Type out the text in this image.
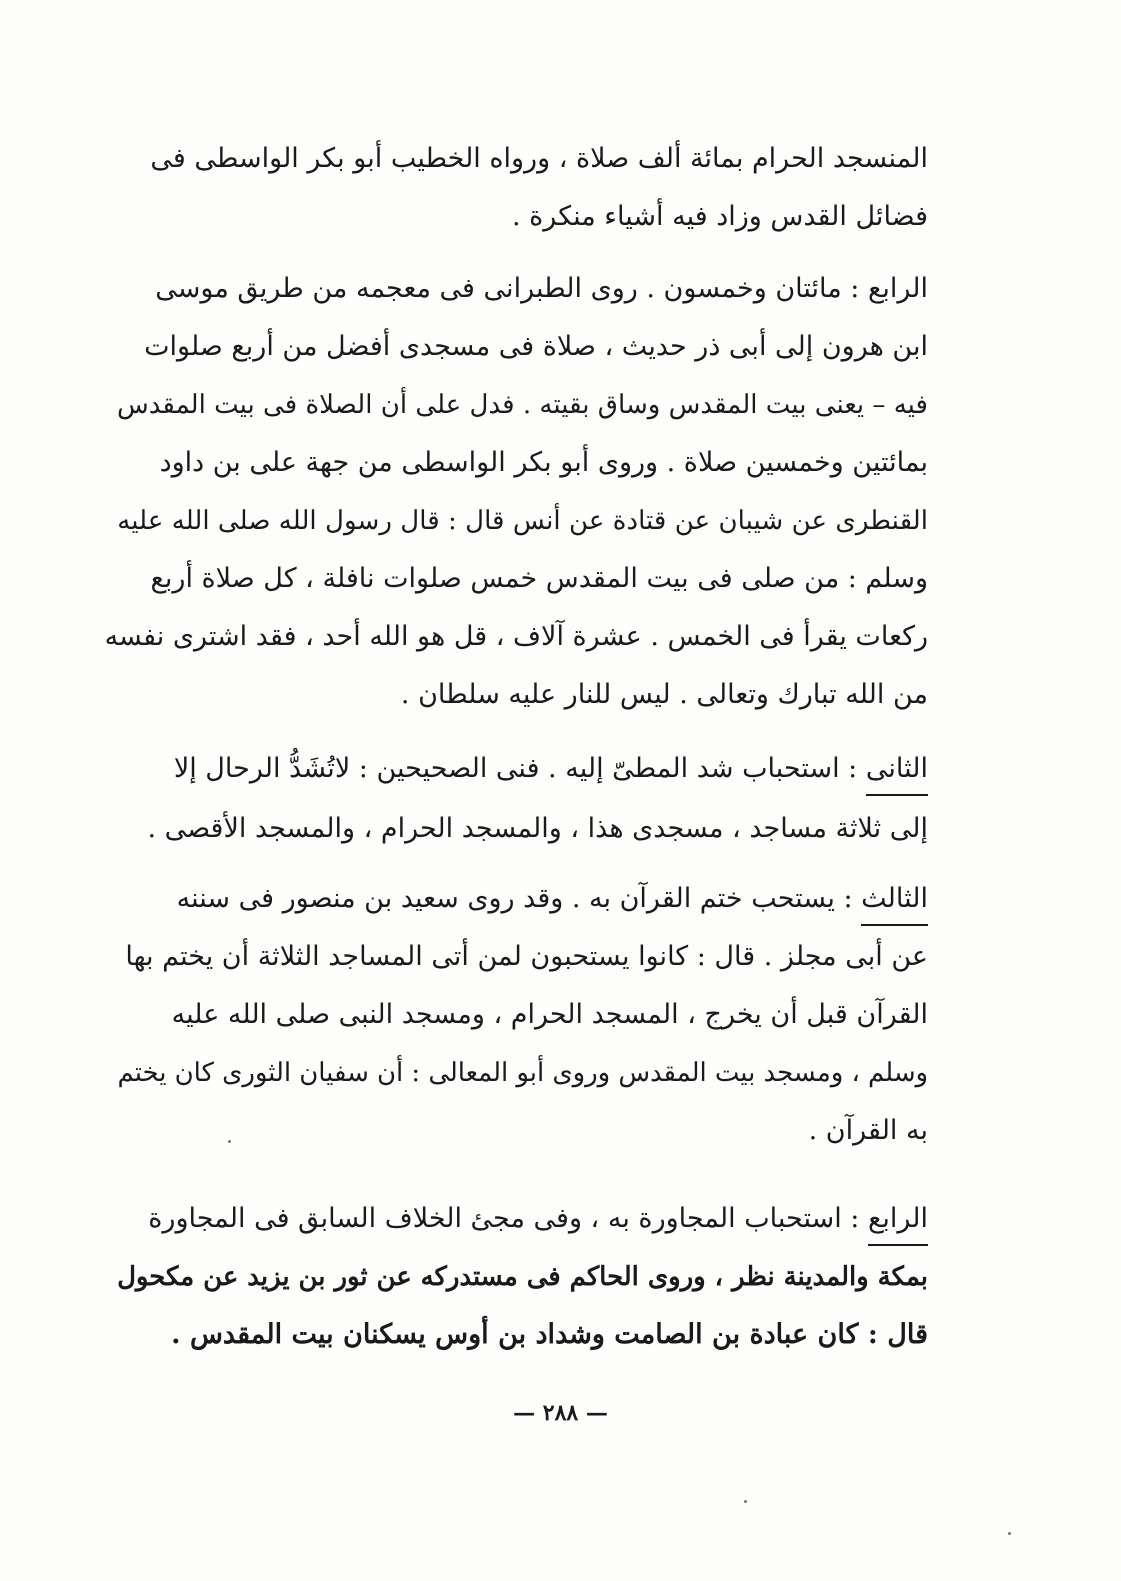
المنسجد الحرام بمائة ألف صلاة ، ورواه الخطيب أبو بكر الواسطى فى
فضائل القدس وزاد فيه أشياء منكرة .
الرابع : مائتان وخمسون . روى الطبرانى فى معجمه من طريق موسى
ابن هرون إلى أبى ذر حديث ، صلاة فى مسجدى أفضل من أربع صلوات
فيه – يعنى بيت المقدس وساق بقيته . فدل على أن الصلاة فى بيت المقدس
بمائتين وخمسين صلاة . وروى أبو بكر الواسطى من جهة على بن داود
القنطرى عن شيبان عن قتادة عن أنس قال : قال رسول الله صلى الله عليه
وسلم : من صلى فى بيت المقدس خمس صلوات نافلة ، كل صلاة أربع
ركعات يقرأ فى الخمس . عشرة آلاف ، قل هو الله أحد ، فقد اشترى نفسه
من الله تبارك وتعالى . ليس للنار عليه سلطان .
الثانى : استحباب شد المطىّ إليه . فنى الصحيحين : لاتُشَدُّ الرحال إلا
إلى ثلاثة مساجد ، مسجدى هذا ، والمسجد الحرام ، والمسجد الأقصى .
الثالث : يستحب ختم القرآن به . وقد روى سعيد بن منصور فى سننه
عن أبى مجلز . قال : كانوا يستحبون لمن أتى المساجد الثلاثة أن يختم بها
القرآن قبل أن يخرج ، المسجد الحرام ، ومسجد النبى صلى الله عليه
وسلم ، ومسجد بيت المقدس وروى أبو المعالى : أن سفيان الثورى كان يختم
به القرآن .
الرابع : استحباب المجاورة به ، وفى مجئ الخلاف السابق فى المجاورة
بمكة والمدينة نظر ، وروى الحاكم فى مستدركه عن ثور بن يزيد عن مكحول
قال : كان عبادة بن الصامت وشداد بن أوس يسكنان بيت المقدس .
— ٢٨٨ —
